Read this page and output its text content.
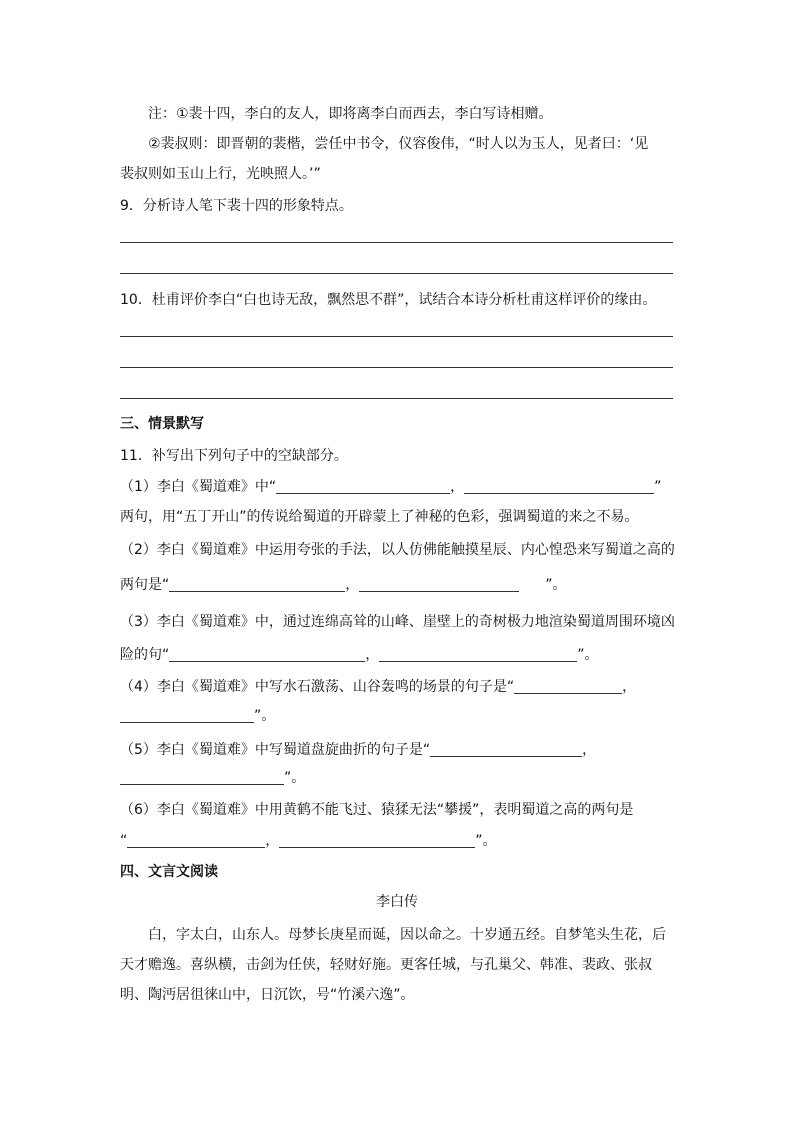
注：①裴十四，李白的友人，即将离李白而西去，李白写诗相赠。
②裴叔则：即晋朝的裴楷，尝任中书令，仪容俊伟，“时人以为玉人，见者曰：‘见
裴叔则如玉山上行，光映照人。’”
9．分析诗人笔下裴十四的形象特点。
10．杜甫评价李白“白也诗无敌，飘然思不群”，试结合本诗分析杜甫这样评价的缘由。
三、情景默写
11．补写出下列句子中的空缺部分。
（1）李白《蜀道难》中“	，	”
两句，用“五丁开山”的传说给蜀道的开辟蒙上了神秘的色彩，强调蜀道的来之不易。
（2）李白《蜀道难》中运用夸张的手法，以人仿佛能触摸星辰、内心惶恐来写蜀道之高的
两句是“	，	”。
（3）李白《蜀道难》中，通过连绵高耸的山峰、崖壁上的奇树极力地渲染蜀道周围环境凶
险的句“	，	”。
（4）李白《蜀道难》中写水石激荡、山谷轰鸣的场景的句子是“	，
”。
（5）李白《蜀道难》中写蜀道盘旋曲折的句子是“	，
”。
（6）李白《蜀道难》中用黄鹤不能飞过、猿猱无法“攀援”，表明蜀道之高的两句是
“	，	”。
四、文言文阅读
李白传
白，字太白，山东人。母梦长庚星而诞，因以命之。十岁通五经。自梦笔头生花，后
天才赡逸。喜纵横，击剑为任侠，轻财好施。更客任城，与孔巢父、韩准、裴政、张叔
明、陶沔居徂徕山中，日沉饮，号“竹溪六逸”。
